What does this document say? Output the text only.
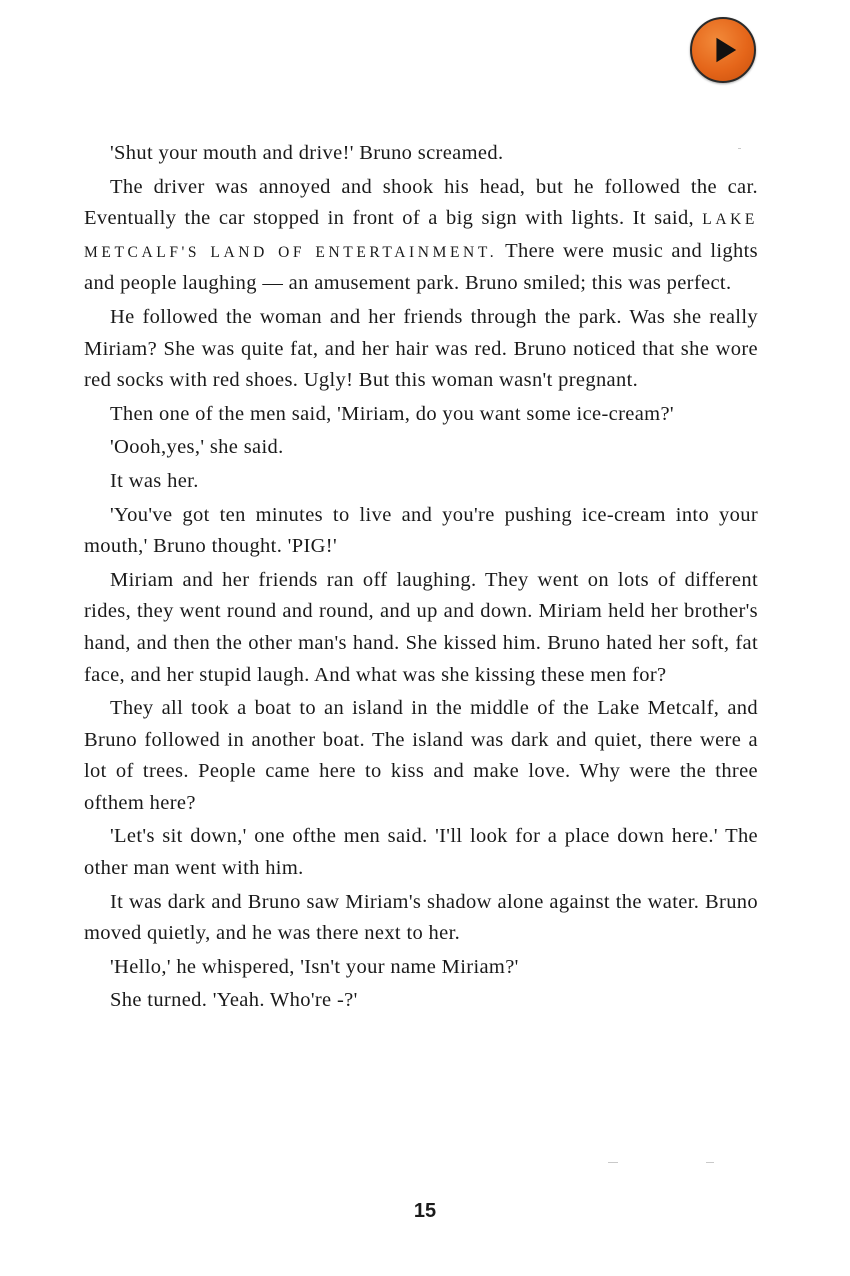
'Shut your mouth and drive!' Bruno screamed.

The driver was annoyed and shook his head, but he followed the car. Eventually the car stopped in front of a big sign with lights. It said, LAKE METCALF'S LAND OF ENTERTAINMENT. There were music and lights and people laughing — an amusement park. Bruno smiled; this was perfect.

He followed the woman and her friends through the park. Was she really Miriam? She was quite fat, and her hair was red. Bruno noticed that she wore red socks with red shoes. Ugly! But this woman wasn't pregnant.

Then one of the men said, 'Miriam, do you want some ice-cream?'

'Oooh,yes,' she said.

It was her.

'You've got ten minutes to live and you're pushing ice-cream into your mouth,' Bruno thought. 'PIG!'

Miriam and her friends ran off laughing. They went on lots of different rides, they went round and round, and up and down. Miriam held her brother's hand, and then the other man's hand. She kissed him. Bruno hated her soft, fat face, and her stupid laugh. And what was she kissing these men for?

They all took a boat to an island in the middle of the Lake Metcalf, and Bruno followed in another boat. The island was dark and quiet, there were a lot of trees. People came here to kiss and make love. Why were the three ofthem here?

'Let's sit down,' one ofthe men said. 'I'll look for a place down here.' The other man went with him.

It was dark and Bruno saw Miriam's shadow alone against the water. Bruno moved quietly, and he was there next to her.

'Hello,' he whispered, 'Isn't your name Miriam?'

She turned. 'Yeah. Who're -?'

15
